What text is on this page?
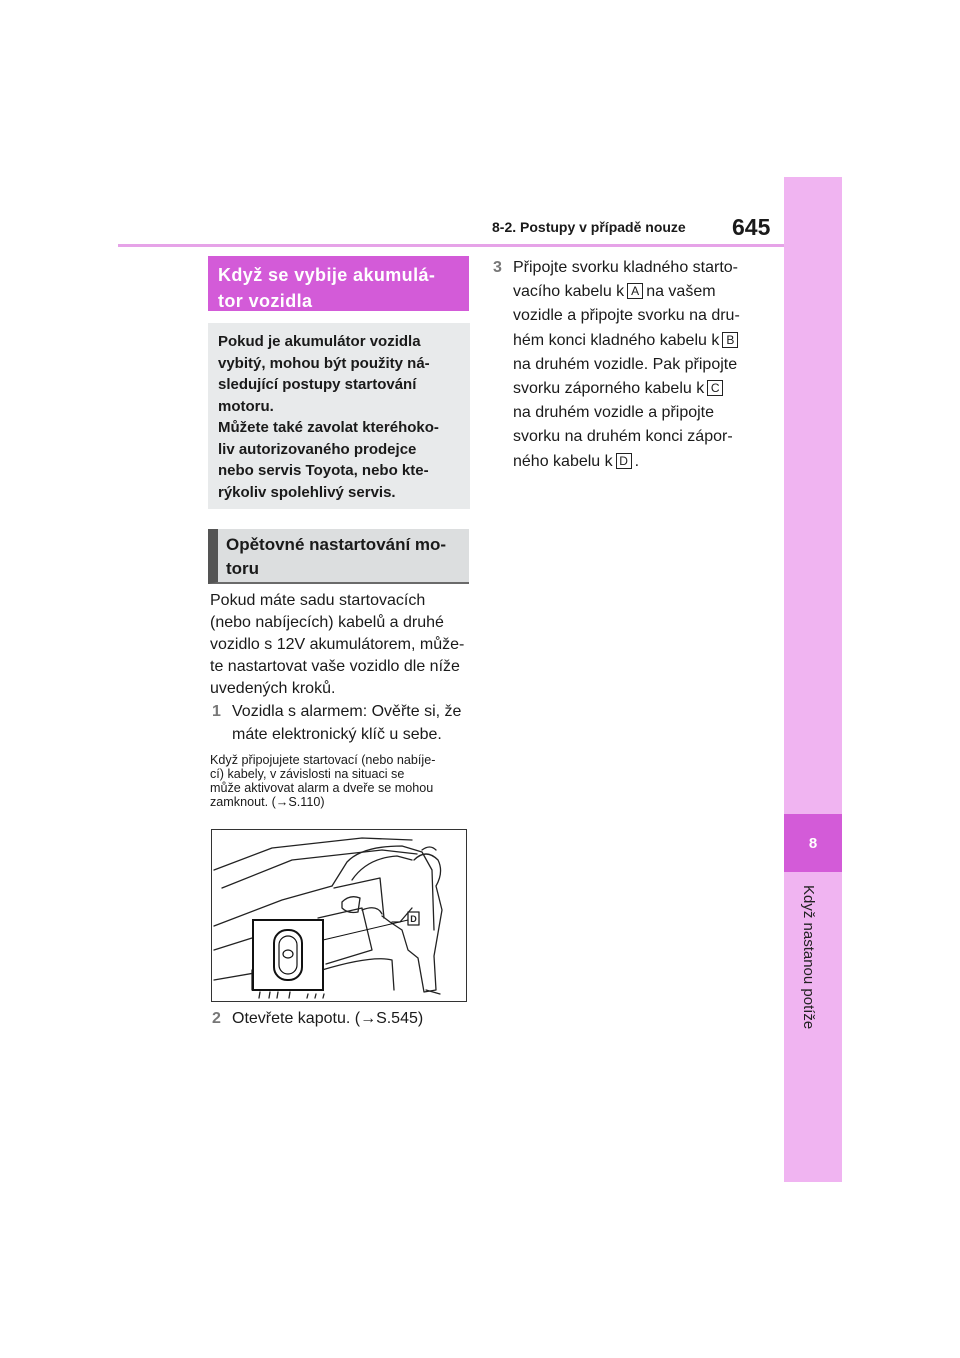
8
Když nastanou potíže
8-2. Postupy v případě nouze 645
Když se vybije akumulá- tor vozidla
Pokud je akumulátor vozidla
vybitý, mohou být použity ná-
sledující postupy startování
motoru.
Můžete také zavolat kteréhoko-
liv autorizovaného prodejce
nebo servis Toyota, nebo kte-
rýkoliv spolehlivý servis.
Opětovné nastartování mo- toru
Pokud máte sadu startovacích
(nebo nabíjecích) kabelů a druhé
vozidlo s 12V akumulátorem, může-
te nastartovat vaše vozidlo dle níže
uvedených kroků.
1 Vozidla s alarmem: Ověřte si, že
máte elektronický klíč u sebe.
Když připojujete startovací (nebo nabíje-
cí) kabely, v závislosti na situaci se
může aktivovat alarm a dveře se mohou
zamknout. (→S.110)
D
2 Otevřete kapotu. (→S.545)
3 Připojte svorku kladného starto-
vacího kabelu k A na vašem
vozidle a připojte svorku na dru-
hém konci kladného kabelu k B
na druhém vozidle. Pak připojte
svorku záporného kabelu k C
na druhém vozidle a připojte
svorku na druhém konci zápor-
ného kabelu k D .
